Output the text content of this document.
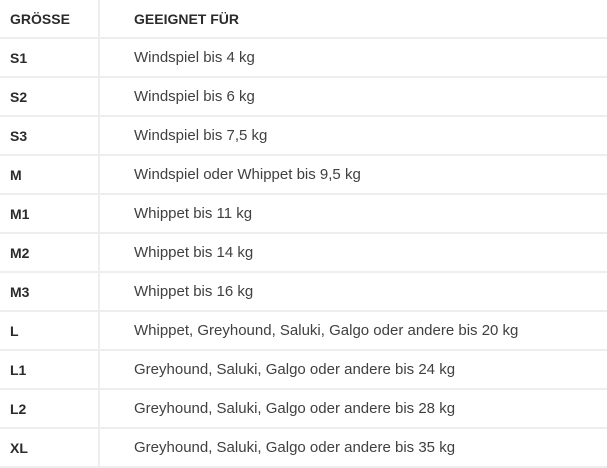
GRÖSSE	GEEIGNET FÜR
S1	Windspiel bis 4 kg
S2	Windspiel bis 6 kg
S3	Windspiel bis 7,5 kg
M	Windspiel oder Whippet bis 9,5 kg
M1	Whippet bis 11 kg
M2	Whippet bis 14 kg
M3	Whippet bis 16 kg
L	Whippet, Greyhound, Saluki, Galgo oder andere bis 20 kg
L1	Greyhound, Saluki, Galgo oder andere bis 24 kg
L2	Greyhound, Saluki, Galgo oder andere bis 28 kg
XL	Greyhound, Saluki, Galgo oder andere bis 35 kg
